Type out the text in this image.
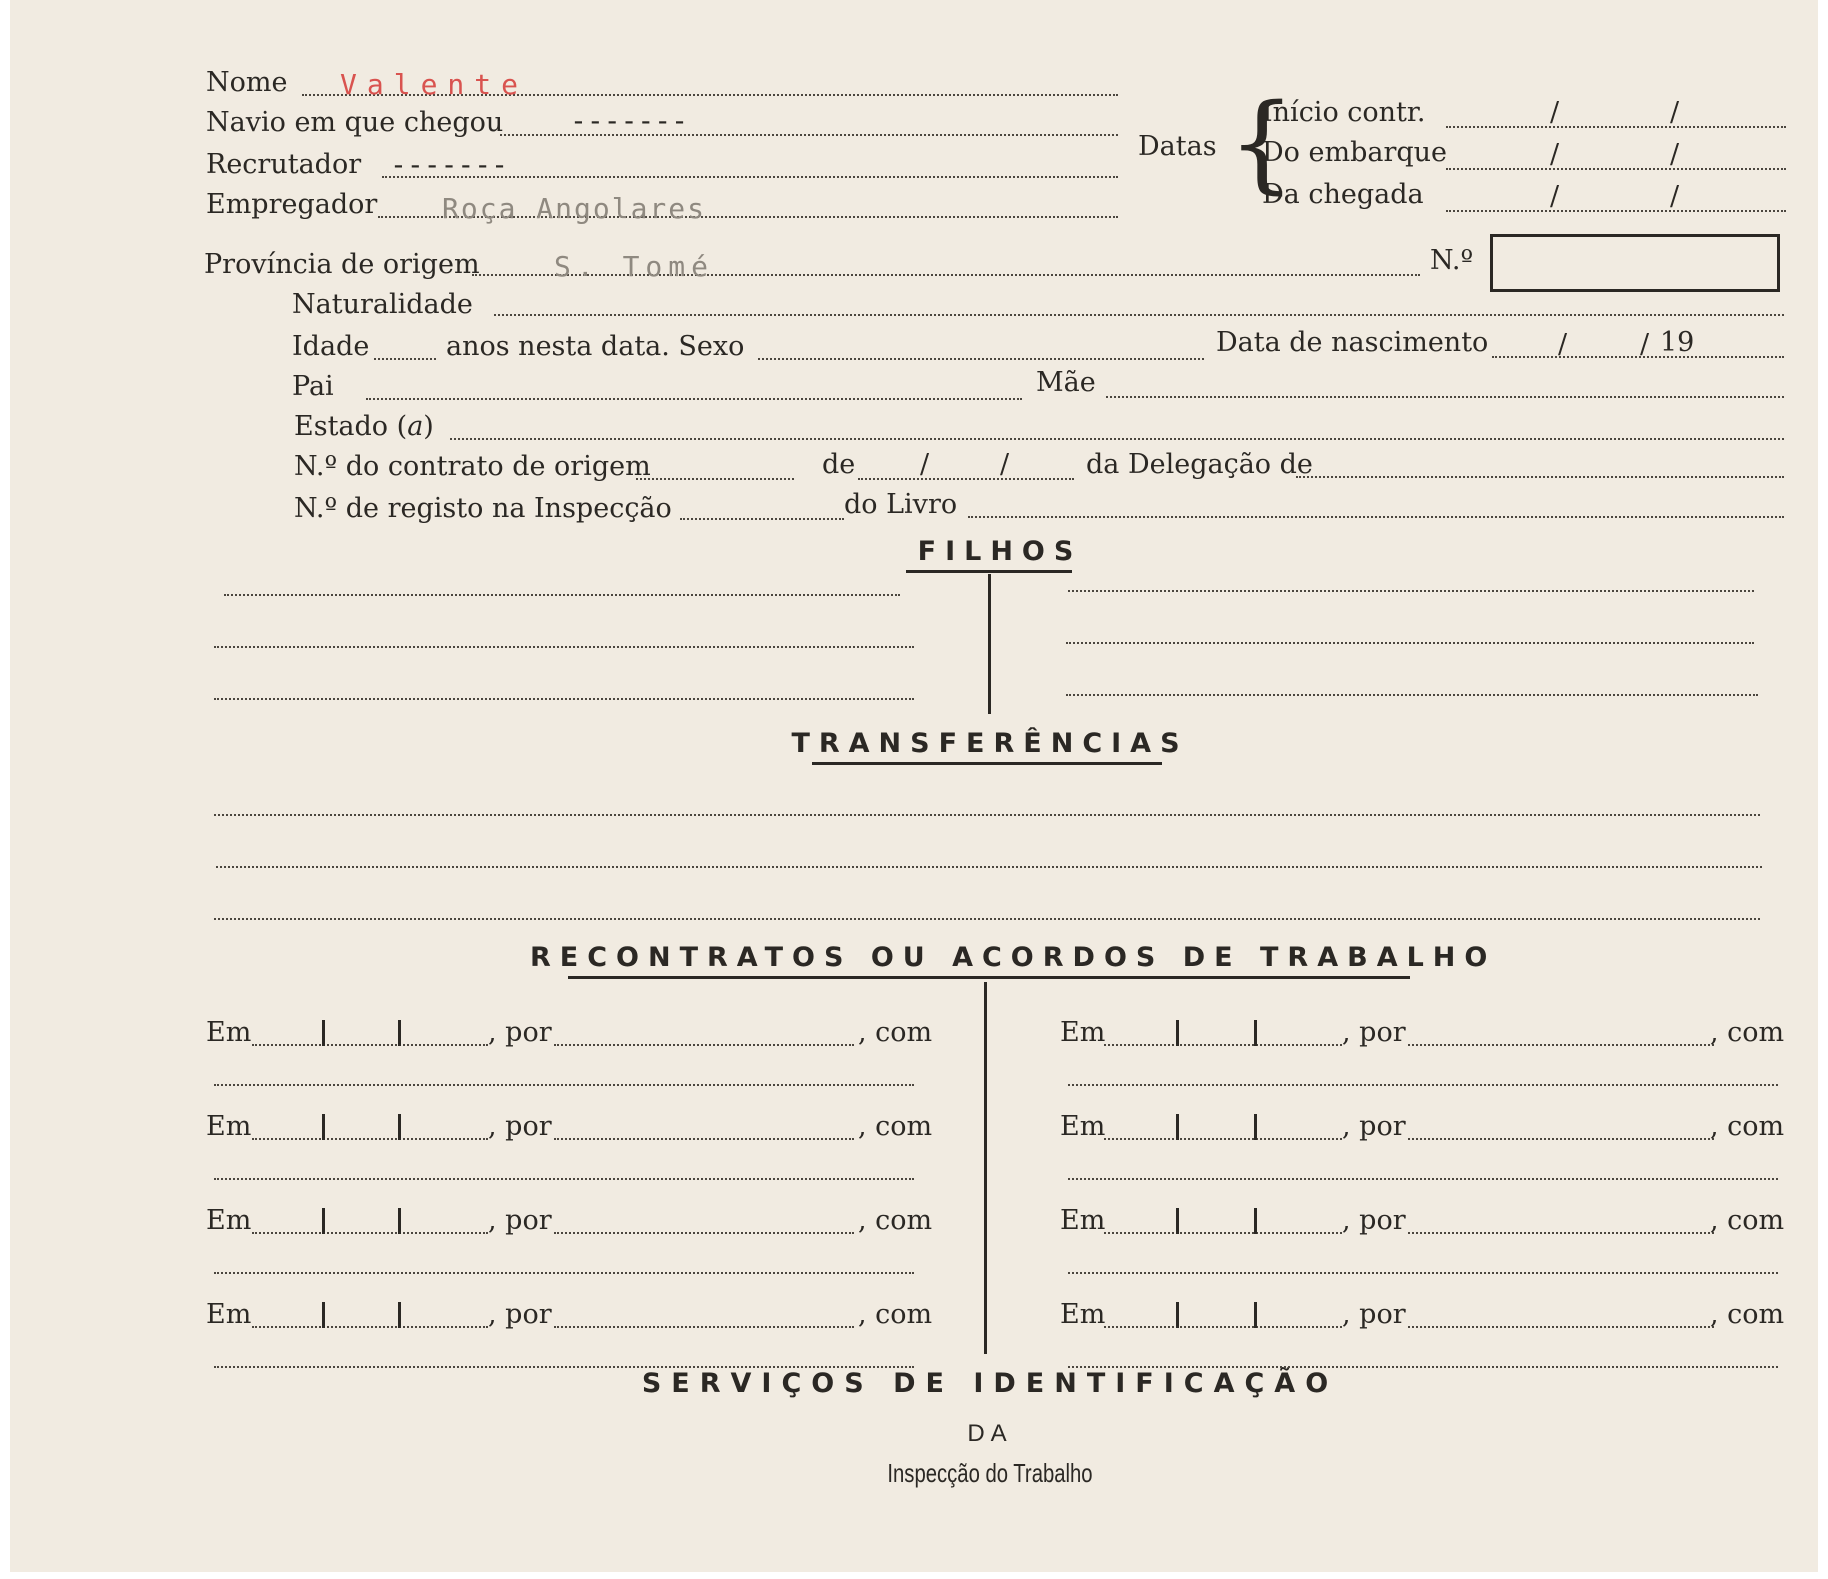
Nome Valente
Navio em que chegou -------
Recrutador -------
Empregador Roça Angolares
Datas {
Início contr.	/	/
Do embarque	/	/
Da chegada	/	/
Província de origem	S. Tomé	N.º
Naturalidade
Idade	anos nesta data. Sexo	Data de nascimento	/	/ 19
Pai	Mãe
Estado (a)
N.º do contrato de origem	de /	/	da Delegação de
N.º de registo na Inspecção	do Livro
FILHOS
TRANSFERÊNCIAS
RECONTRATOS OU ACORDOS DE TRABALHO
SERVIÇOS DE IDENTIFICAÇÃO
DA
Inspecção do Trabalho
Em	, por	, com
Em	, por	, com
Em	, por	, com
Em	, por	, com
Em	, por	, com
Em	, por	, com
Em	, por	, com
Em	, por	, com
